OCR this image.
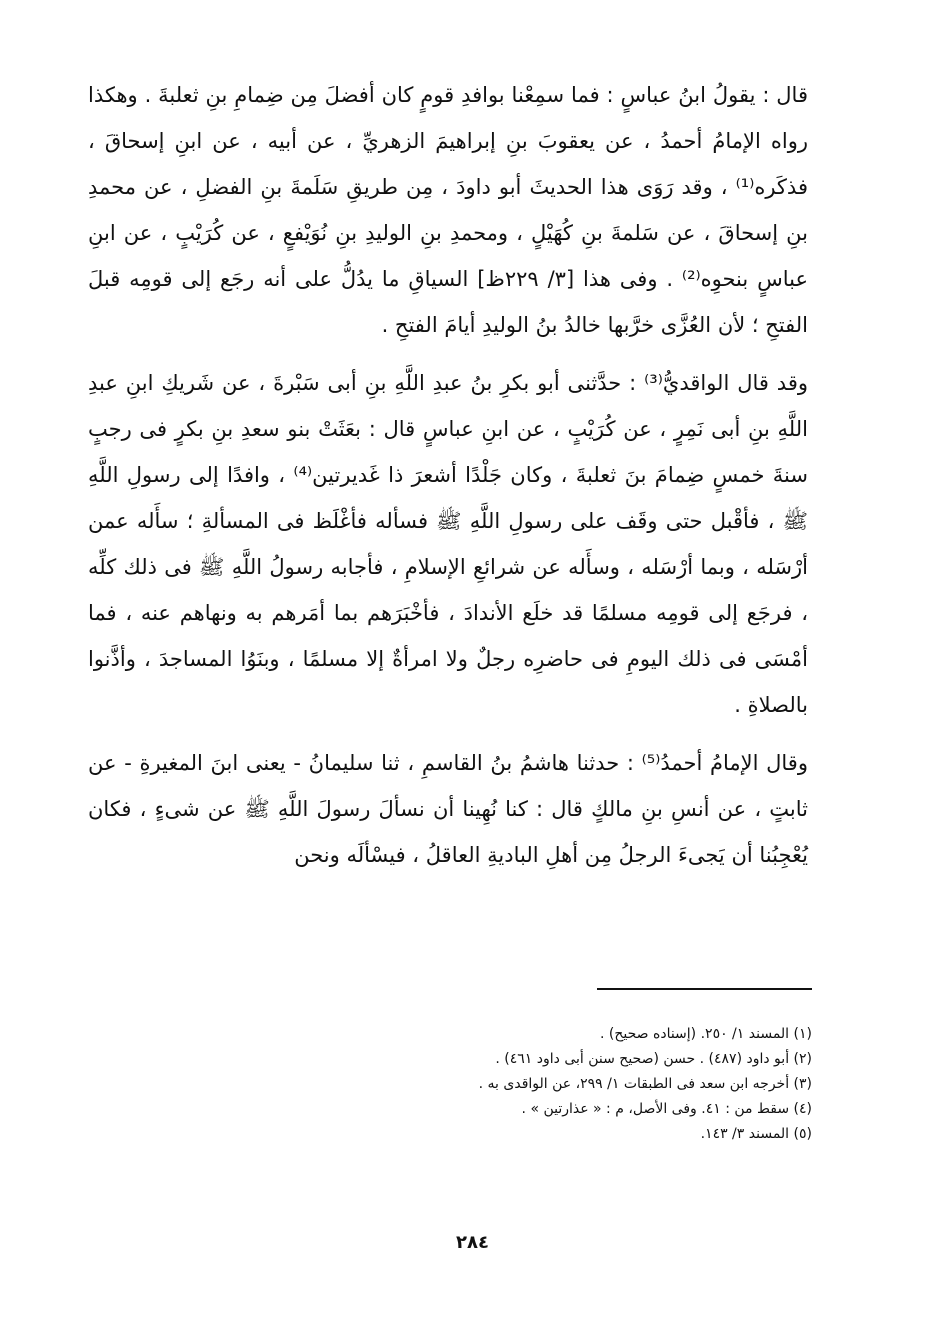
قال : يقولُ ابنُ عباسٍ : فما سمِعْنا بوافدِ قومٍ كان أفضلَ مِن ضِمامِ بنِ ثعلبةَ . وهكذا رواه الإمامُ أحمدُ ، عن يعقوبَ بنِ إبراهيمَ الزهريِّ ، عن أبيه ، عن ابنِ إسحاقَ ، فذكَره⁽¹⁾ ، وقد رَوَى هذا الحديثَ أبو داودَ ، مِن طريقِ سَلَمةَ بنِ الفضلِ ، عن محمدِ بنِ إسحاقَ ، عن سَلمةَ بنِ كُهَيْلٍ ، ومحمدِ بنِ الوليدِ بنِ نُوَيْفعٍ ، عن كُرَيْبٍ ، عن ابنِ عباسٍ بنحوِه⁽²⁾ . وفى هذا [٣/ ٢٢٩ظ] السياقِ ما يدُلُّ على أنه رجَع إلى قومِه قبلَ الفتحِ ؛ لأن العُزَّى خرَّبها خالدُ بنُ الوليدِ أيامَ الفتحِ .

وقد قال الواقديُّ⁽³⁾ : حدَّثنى أبو بكرِ بنُ عبدِ اللَّهِ بنِ أبى سَبْرةَ ، عن شَريكِ ابنِ عبدِ اللَّهِ بنِ أبى نَمِرٍ ، عن كُرَيْبٍ ، عن ابنِ عباسٍ قال : بعَثَتْ بنو سعدِ بنِ بكرٍ فى رجبٍ سنةَ خمسٍ ضِمامَ بنَ ثعلبةَ ، وكان جَلْدًا أشعرَ ذا غَديرتين⁽⁴⁾ ، وافدًا إلى رسولِ اللَّهِ ﷺ ، فأقْبل حتى وقَف على رسولِ اللَّهِ ﷺ فسأله فأغْلَظ فى المسألةِ ؛ سأَله عمن أرْسَله ، وبما أرْسَله ، وسأَله عن شرائعِ الإسلامِ ، فأجابه رسولُ اللَّهِ ﷺ فى ذلك كلِّه ، فرجَع إلى قومِه مسلمًا قد خلَع الأندادَ ، فأخْبَرَهم بما أمَرهم به ونهاهم عنه ، فما أمْسَى فى ذلك اليومِ فى حاضرِه رجلٌ ولا امرأةٌ إلا مسلمًا ، وبنَوُا المساجدَ ، وأذَّنوا بالصلاةِ .

وقال الإمامُ أحمدُ⁽⁵⁾ : حدثنا هاشمُ بنُ القاسمِ ، ثنا سليمانُ - يعنى ابنَ المغيرةِ - عن ثابتٍ ، عن أنسِ بنِ مالكٍ قال : كنا نُهِينا أن نسألَ رسولَ اللَّهِ ﷺ عن شىءٍ ، فكان يُعْجِبُنا أن يَجىءَ الرجلُ مِن أهلِ الباديةِ العاقلُ ، فيسْألَه ونحن

(١) المسند ١/ ٢٥٠. (إسناده صحيح) .

(٢) أبو داود (٤٨٧) . حسن (صحيح سنن أبى داود ٤٦١) .

(٣) أخرجه ابن سعد فى الطبقات ١/ ٢٩٩، عن الواقدى به .

(٤) سقط من : ٤١. وفى الأصل، م : « عذارتين » .

(٥) المسند ٣/ ١٤٣.

٢٨٤
